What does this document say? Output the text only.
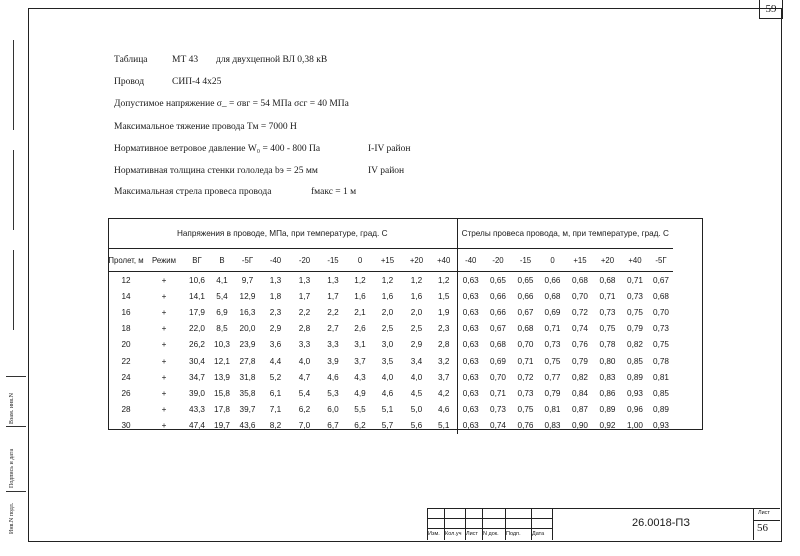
59
Таблица	МТ 43 для двухцепной ВЛ 0,38 кВ
Провод	СИП-4 4х25
Допустимое напряжение σ_ = σвг = 54 МПа σсг = 40 МПа
Максимальное тяжение провода Тм = 7000 Н
Нормативное ветровое давление W₀ = 400 - 800 Па	I-IV район
Нормативная толщина стенки гололеда bэ = 25 мм	IV район
Максимальная стрела провеса провода	fмакс = 1 м
Напряжения в проводе, МПа, при температуре, град. С												Стрелы провеса провода, м, при температуре, град. С							
Пролет, м	Режим	ВГ	В	-5Г	-40	-20	-15	0	+15	+20	+40	-40	-20	-15	0	+15	+20	+40	-5Г
12	+	10,6	4,1	9,7	1,3	1,3	1,3	1,2	1,2	1,2	1,2	0,63	0,65	0,65	0,66	0,68	0,68	0,71	0,67
14	+	14,1	5,4	12,9	1,8	1,7	1,7	1,6	1,6	1,6	1,5	0,63	0,66	0,66	0,68	0,70	0,71	0,73	0,68
16	+	17,9	6,9	16,3	2,3	2,2	2,2	2,1	2,0	2,0	1,9	0,63	0,66	0,67	0,69	0,72	0,73	0,75	0,70
18	+	22,0	8,5	20,0	2,9	2,8	2,7	2,6	2,5	2,5	2,3	0,63	0,67	0,68	0,71	0,74	0,75	0,79	0,73
20	+	26,2	10,3	23,9	3,6	3,3	3,3	3,1	3,0	2,9	2,8	0,63	0,68	0,70	0,73	0,76	0,78	0,82	0,75
22	+	30,4	12,1	27,8	4,4	4,0	3,9	3,7	3,5	3,4	3,2	0,63	0,69	0,71	0,75	0,79	0,80	0,85	0,78
24	+	34,7	13,9	31,8	5,2	4,7	4,6	4,3	4,0	4,0	3,7	0,63	0,70	0,72	0,77	0,82	0,83	0,89	0,81
26	+	39,0	15,8	35,8	6,1	5,4	5,3	4,9	4,6	4,5	4,2	0,63	0,71	0,73	0,79	0,84	0,86	0,93	0,85
28	+	43,3	17,8	39,7	7,1	6,2	6,0	5,5	5,1	5,0	4,6	0,63	0,73	0,75	0,81	0,87	0,89	0,96	0,89
30	+	47,4	19,7	43,6	8,2	7,0	6,7	6,2	5,7	5,6	5,1	0,63	0,74	0,76	0,83	0,90	0,92	1,00	0,93
Взам. инв.N
Подпись и дата
Инв.N подл.	Изм. Кол.уч Лист N док. Подп. Дата
26.0018-ПЗ
Лист
56
